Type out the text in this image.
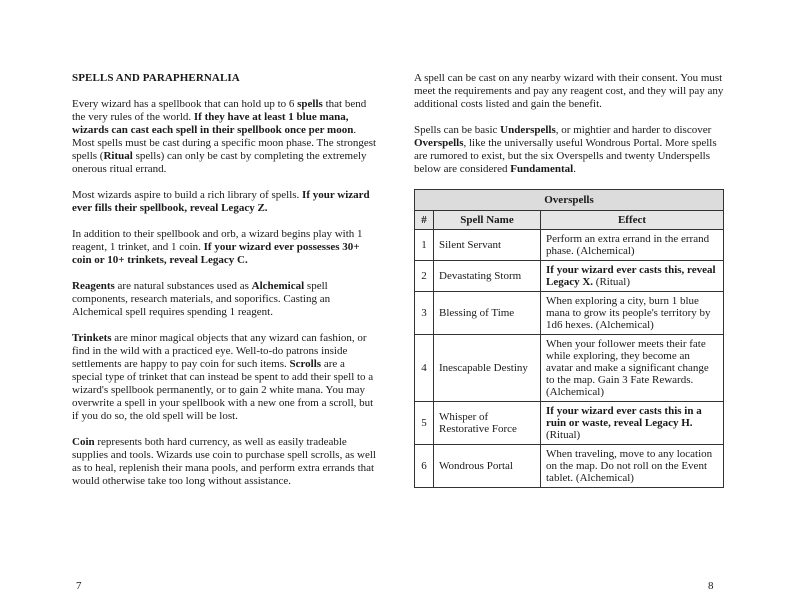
SPELLS AND PARAPHERNALIA

Every wizard has a spellbook that can hold up to 6 spells that bend the very rules of the world. If they have at least 1 blue mana, wizards can cast each spell in their spellbook once per moon. Most spells must be cast during a specific moon phase. The strongest spells (Ritual spells) can only be cast by completing the extremely onerous ritual errand.

Most wizards aspire to build a rich library of spells. If your wizard ever fills their spellbook, reveal Legacy Z.

In addition to their spellbook and orb, a wizard begins play with 1 reagent, 1 trinket, and 1 coin. If your wizard ever possesses 30+ coin or 10+ trinkets, reveal Legacy C.

Reagents are natural substances used as Alchemical spell components, research materials, and soporifics. Casting an Alchemical spell requires spending 1 reagent.

Trinkets are minor magical objects that any wizard can fashion, or find in the wild with a practiced eye. Well-to-do patrons inside settlements are happy to pay coin for such items. Scrolls are a special type of trinket that can instead be spent to add their spell to a wizard's spellbook permanently, or to gain 2 white mana. You may overwrite a spell in your spellbook with a new one from a scroll, but if you do so, the old spell will be lost.

Coin represents both hard currency, as well as easily tradeable supplies and tools. Wizards use coin to purchase spell scrolls, as well as to heal, replenish their mana pools, and perform extra errands that would otherwise take too long without assistance.

A spell can be cast on any nearby wizard with their consent. You must meet the requirements and pay any reagent cost, and they will pay any additional costs listed and gain the benefit.

Spells can be basic Underspells, or mightier and harder to discover Overspells, like the universally useful Wondrous Portal. More spells are rumored to exist, but the six Overspells and twenty Underspells below are considered Fundamental.

Overspells		
#	Spell Name	Effect
1	Silent Servant	Perform an extra errand in the errand phase. (Alchemical)
2	Devastating Storm	If your wizard ever casts this, reveal Legacy X. (Ritual)
3	Blessing of Time	When exploring a city, burn 1 blue mana to grow its people's territory by 1d6 hexes. (Alchemical)
4	Inescapable Destiny	When your follower meets their fate while exploring, they become an avatar and make a significant change to the map. Gain 3 Fate Rewards. (Alchemical)
5	Whisper of Restorative Force	If your wizard ever casts this in a ruin or waste, reveal Legacy H. (Ritual)
6	Wondrous Portal	When traveling, move to any location on the map. Do not roll on the Event tablet. (Alchemical)
7	8
